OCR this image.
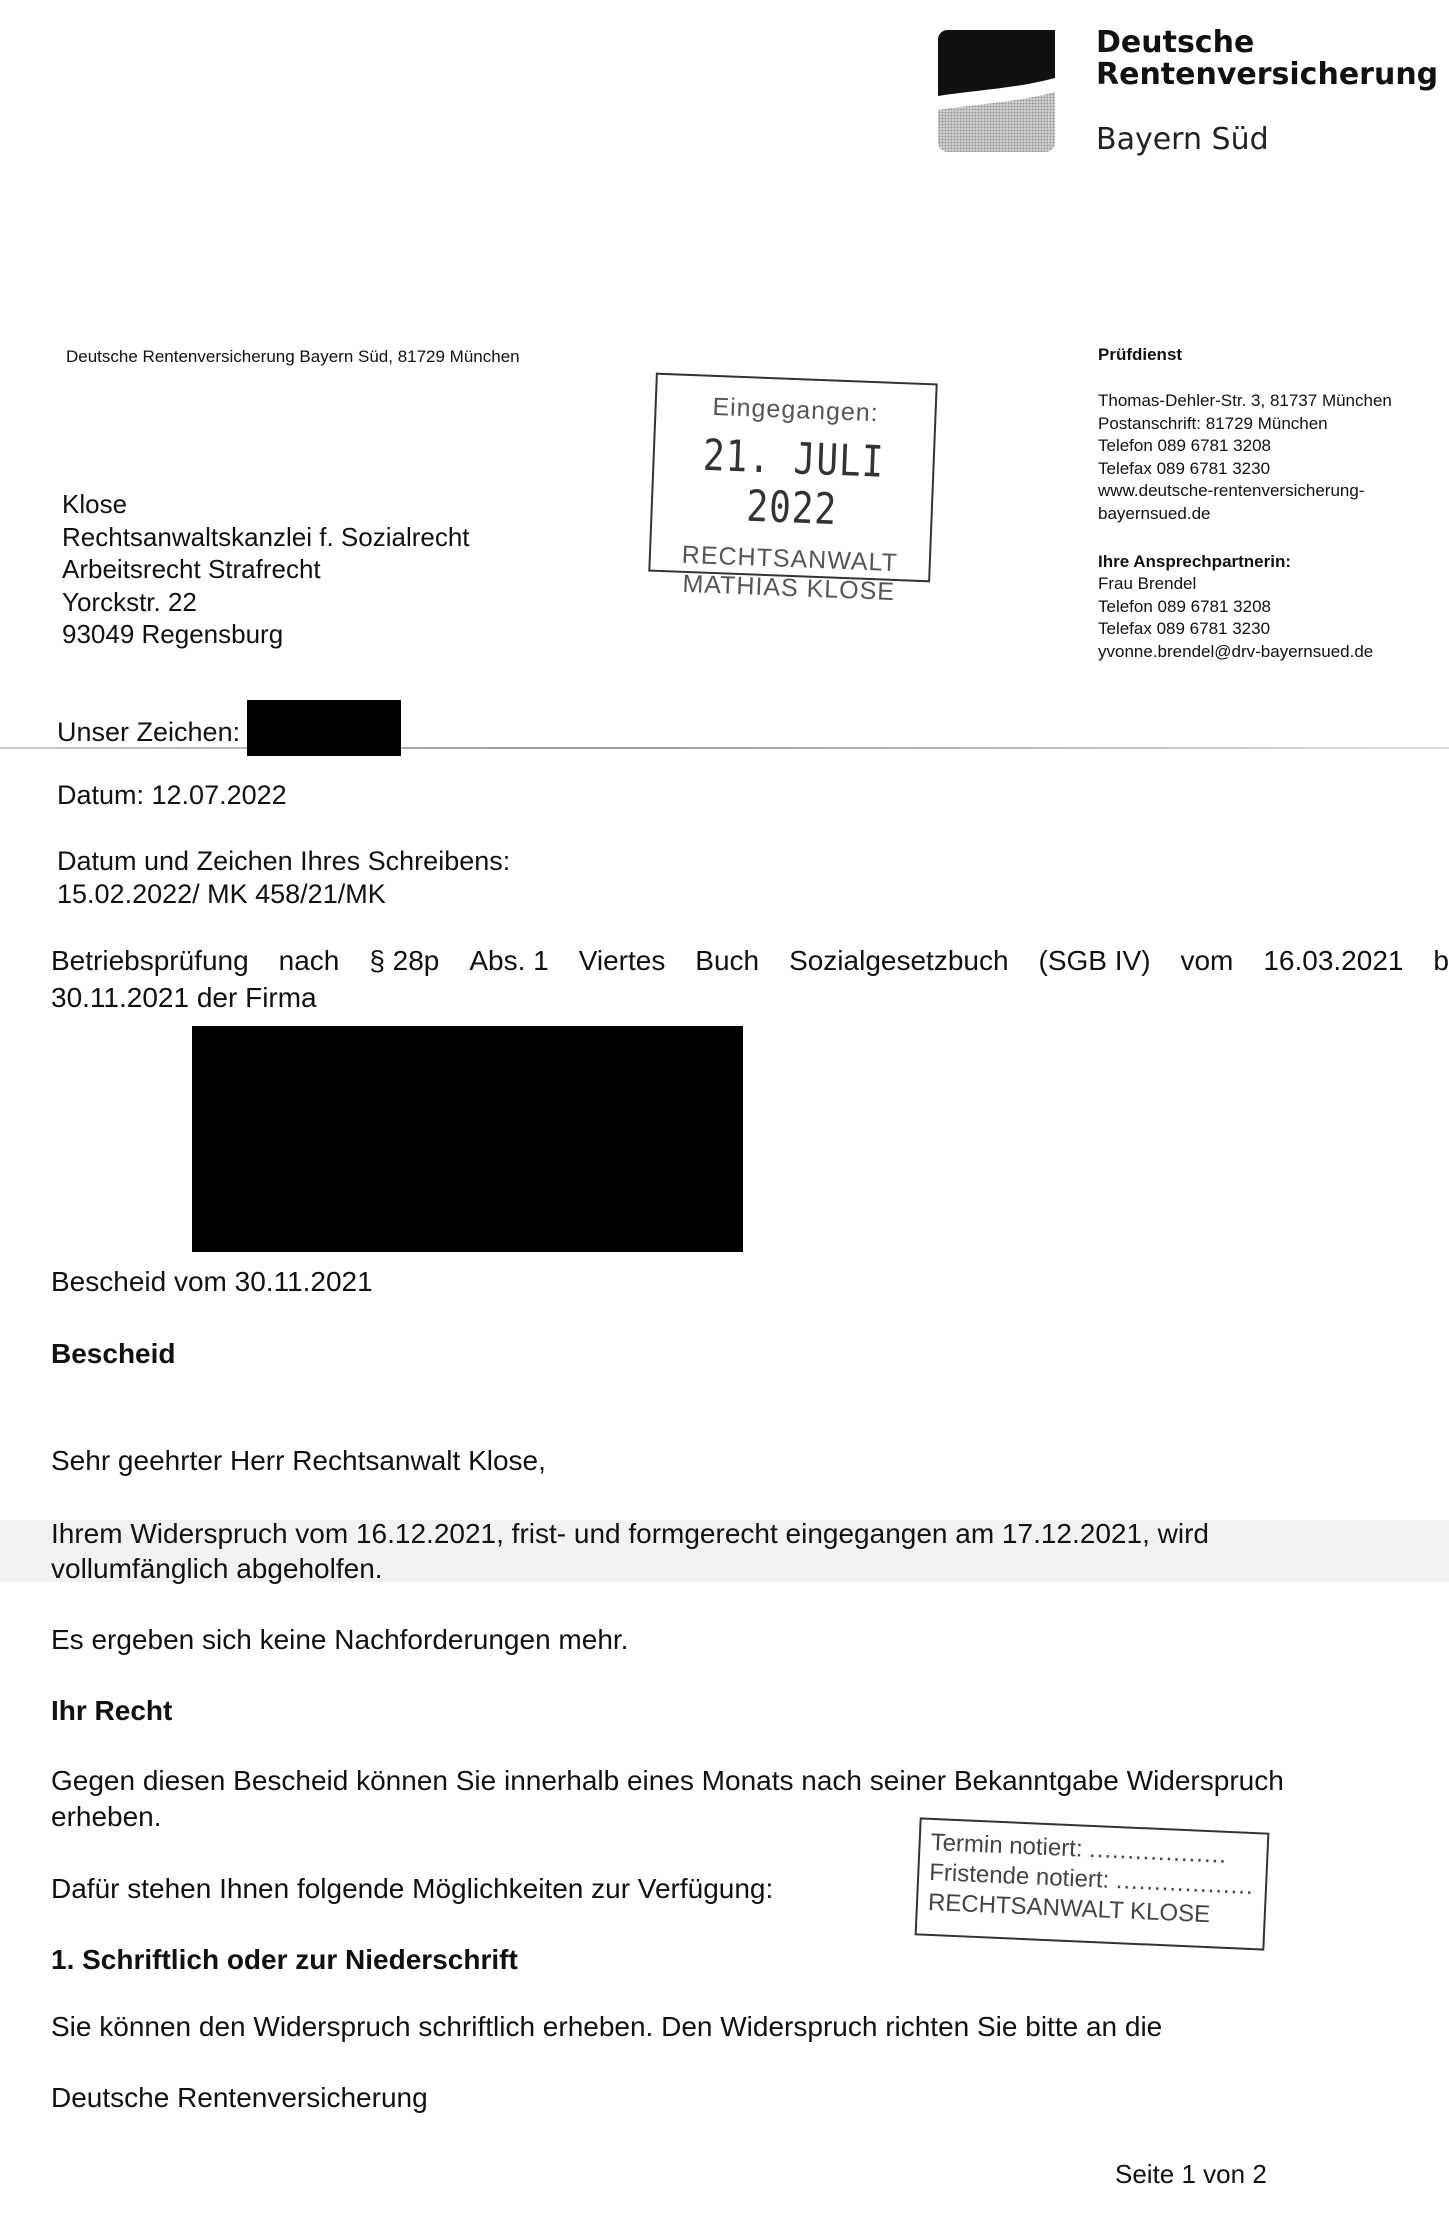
Deutsche
Rentenversicherung
Bayern Süd
Deutsche Rentenversicherung Bayern Süd, 81729 München	Prüfdienst
Thomas-Dehler-Str. 3, 81737 München
Postanschrift: 81729 München
Telefon 089 6781 3208
Telefax 089 6781 3230
www.deutsche-rentenversicherung-
bayernsued.de
Ihre Ansprechpartnerin:
Frau Brendel
Telefon 089 6781 3208
Telefax 089 6781 3230
yvonne.brendel@drv-bayernsued.de
Eingegangen:
21. JULI 2022
RECHTSANWALT
MATHIAS KLOSE
Klose
Rechtsanwaltskanzlei f. Sozialrecht
Arbeitsrecht Strafrecht
Yorckstr. 22
93049 Regensburg
Unser Zeichen:
Datum: 12.07.2022
Datum und Zeichen Ihres Schreibens:
15.02.2022/ MK 458/21/MK
Betriebsprüfung nach § 28p Abs. 1 Viertes Buch Sozialgesetzbuch (SGB IV) vom 16.03.2021 b
30.11.2021 der Firma
Bescheid vom 30.11.2021
Bescheid
Sehr geehrter Herr Rechtsanwalt Klose,
Ihrem Widerspruch vom 16.12.2021, frist- und formgerecht eingegangen am 17.12.2021, wird
vollumfänglich abgeholfen.
Es ergeben sich keine Nachforderungen mehr.
Ihr Recht
Gegen diesen Bescheid können Sie innerhalb eines Monats nach seiner Bekanntgabe Widerspruch
erheben.
Dafür stehen Ihnen folgende Möglichkeiten zur Verfügung:
1. Schriftlich oder zur Niederschrift
Sie können den Widerspruch schriftlich erheben. Den Widerspruch richten Sie bitte an die
Deutsche Rentenversicherung
Termin notiert: ..................
Fristende notiert: ..................
RECHTSANWALT KLOSE
Seite 1 von 2
